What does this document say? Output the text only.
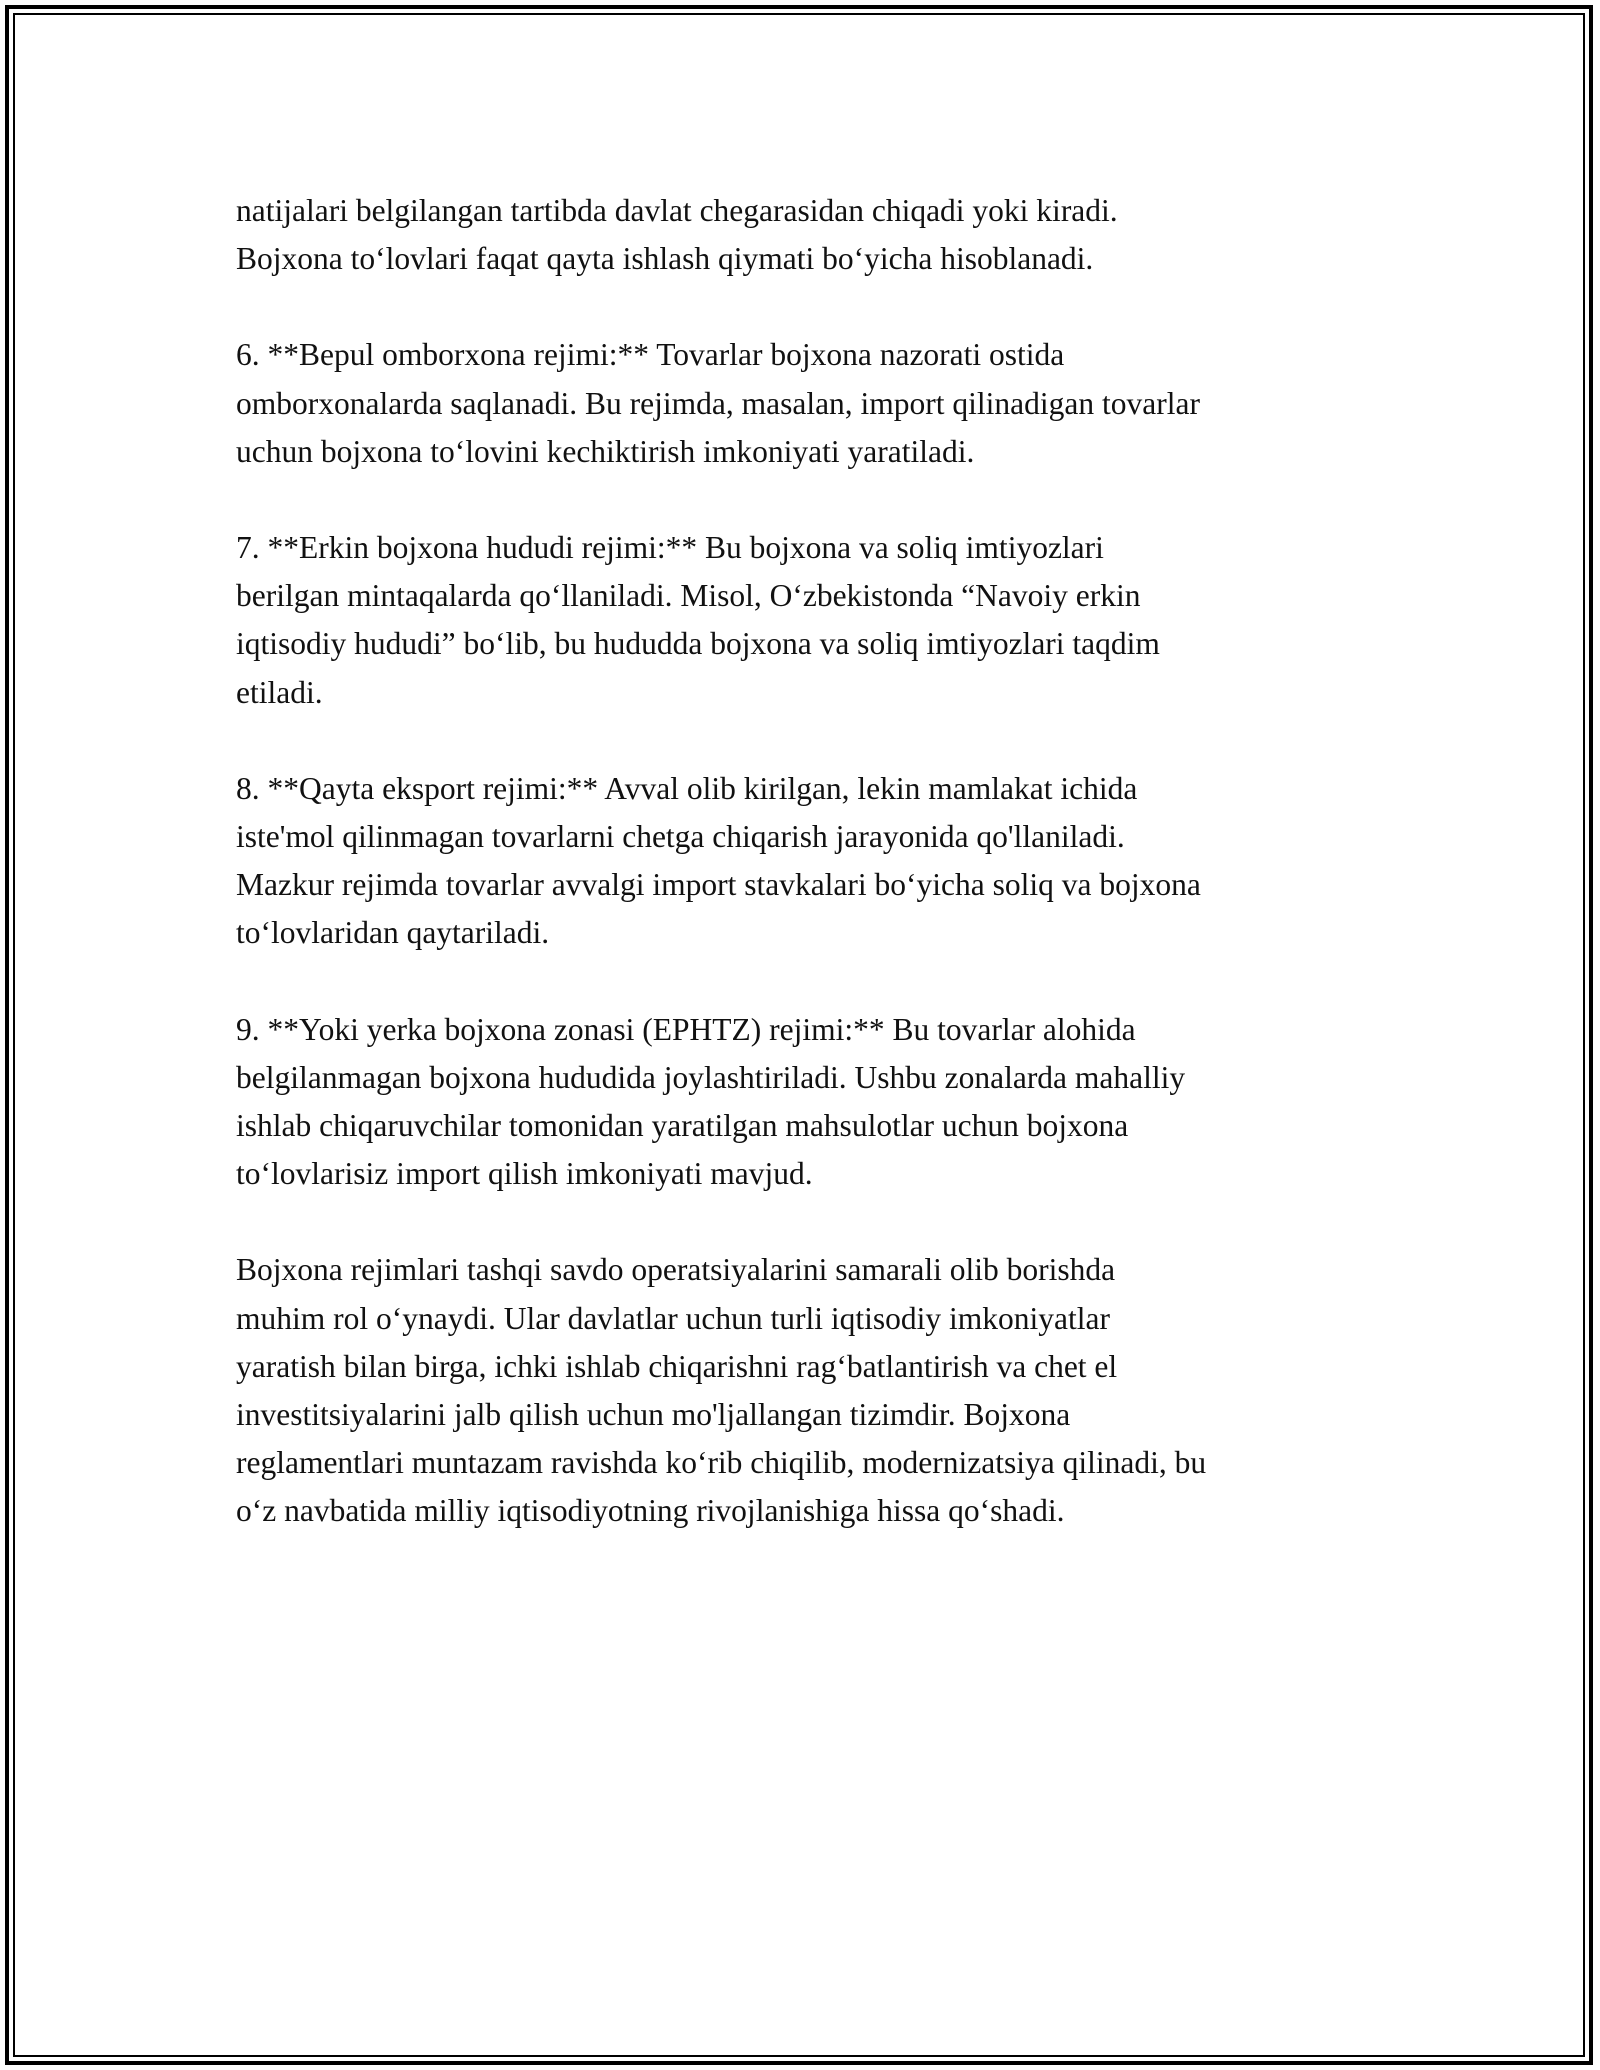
natijalari belgilangan tartibda davlat chegarasidan chiqadi yoki kiradi.
Bojxona to‘lovlari faqat qayta ishlash qiymati bo‘yicha hisoblanadi.

6. **Bepul omborxona rejimi:** Tovarlar bojxona nazorati ostida
omborxonalarda saqlanadi. Bu rejimda, masalan, import qilinadigan tovarlar
uchun bojxona to‘lovini kechiktirish imkoniyati yaratiladi.

7. **Erkin bojxona hududi rejimi:** Bu bojxona va soliq imtiyozlari
berilgan mintaqalarda qo‘llaniladi. Misol, O‘zbekistonda “Navoiy erkin
iqtisodiy hududi” bo‘lib, bu hududda bojxona va soliq imtiyozlari taqdim
etiladi.

8. **Qayta eksport rejimi:** Avval olib kirilgan, lekin mamlakat ichida
iste'mol qilinmagan tovarlarni chetga chiqarish jarayonida qo'llaniladi.
Mazkur rejimda tovarlar avvalgi import stavkalari bo‘yicha soliq va bojxona
to‘lovlaridan qaytariladi.

9. **Yoki yerka bojxona zonasi (EPHTZ) rejimi:** Bu tovarlar alohida
belgilanmagan bojxona hududida joylashtiriladi. Ushbu zonalarda mahalliy
ishlab chiqaruvchilar tomonidan yaratilgan mahsulotlar uchun bojxona
to‘lovlarisiz import qilish imkoniyati mavjud.

Bojxona rejimlari tashqi savdo operatsiyalarini samarali olib borishda
muhim rol o‘ynaydi. Ular davlatlar uchun turli iqtisodiy imkoniyatlar
yaratish bilan birga, ichki ishlab chiqarishni rag‘batlantirish va chet el
investitsiyalarini jalb qilish uchun mo'ljallangan tizimdir. Bojxona
reglamentlari muntazam ravishda ko‘rib chiqilib, modernizatsiya qilinadi, bu
o‘z navbatida milliy iqtisodiyotning rivojlanishiga hissa qo‘shadi.
